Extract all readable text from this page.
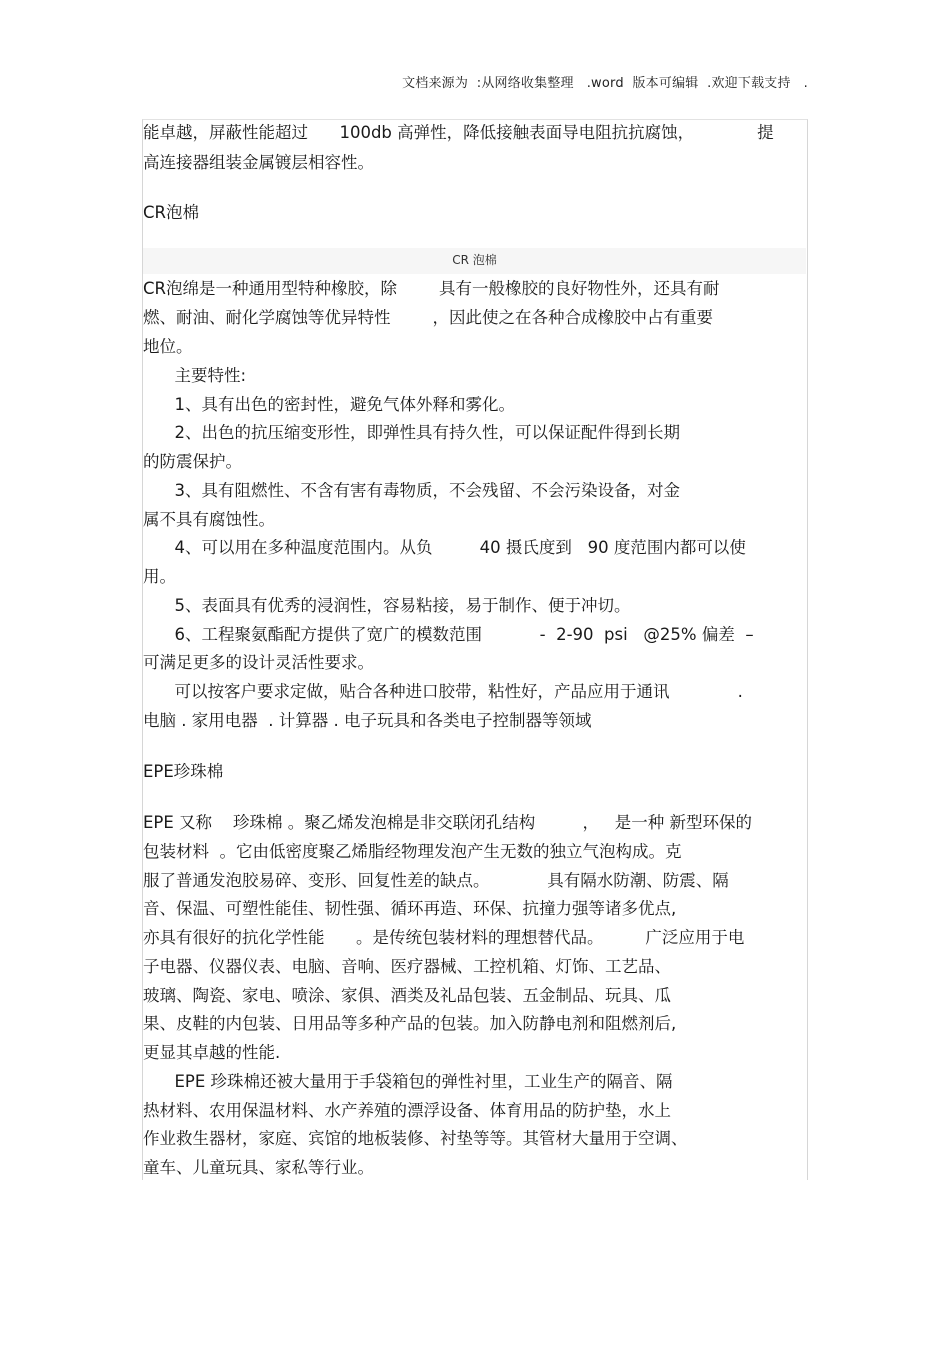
文档来源为  :从网络收集整理   .word  版本可编辑  .欢迎下载支持   .
能卓越，屏蔽性能超过      100db 高弹性，降低接触表面导电阻抗抗腐蚀，            提
高连接器组装金属镀层相容性。
CR泡棉
CR 泡棉
CR泡绵是一种通用型特种橡胶，除        具有一般橡胶的良好物性外，还具有耐
燃、耐油、耐化学腐蚀等优异特性        ，因此使之在各种合成橡胶中占有重要
地位。
主要特性:
1、具有出色的密封性，避免气体外释和雾化。
2、出色的抗压缩变形性，即弹性具有持久性，可以保证配件得到长期
的防震保护。
3、具有阻燃性、不含有害有毒物质，不会残留、不会污染设备，对金
属不具有腐蚀性。
4、可以用在多种温度范围内。从负         40 摄氏度到   90 度范围内都可以使
用。
5、表面具有优秀的浸润性，容易粘接，易于制作、便于冲切。
6、工程聚氨酯配方提供了宽广的模数范围           -  2-90  psi   @25% 偏差  –
可满足更多的设计灵活性要求。
可以按客户要求定做，贴合各种进口胶带，粘性好，产品应用于通讯             .
电脑 . 家用电器  . 计算器 . 电子玩具和各类电子控制器等领域
EPE珍珠棉
EPE 又称    珍珠棉 。聚乙烯发泡棉是非交联闭孔结构         ，   是一种 新型环保的
包装材料  。它由低密度聚乙烯脂经物理发泡产生无数的独立气泡构成。克
服了普通发泡胶易碎、变形、回复性差的缺点。           具有隔水防潮、防震、隔
音、保温、可塑性能佳、韧性强、循环再造、环保、抗撞力强等诸多优点,
亦具有很好的抗化学性能      。是传统包装材料的理想替代品。        广泛应用于电
子电器、仪器仪表、电脑、音响、医疗器械、工控机箱、灯饰、工艺品、
玻璃、陶瓷、家电、喷涂、家俱、酒类及礼品包装、五金制品、玩具、瓜
果、皮鞋的内包装、日用品等多种产品的包装。加入防静电剂和阻燃剂后,
更显其卓越的性能.
EPE 珍珠棉还被大量用于手袋箱包的弹性衬里，工业生产的隔音、隔
热材料、农用保温材料、水产养殖的漂浮设备、体育用品的防护垫，水上
作业救生器材，家庭、宾馆的地板装修、衬垫等等。其管材大量用于空调、
童车、儿童玩具、家私等行业。
